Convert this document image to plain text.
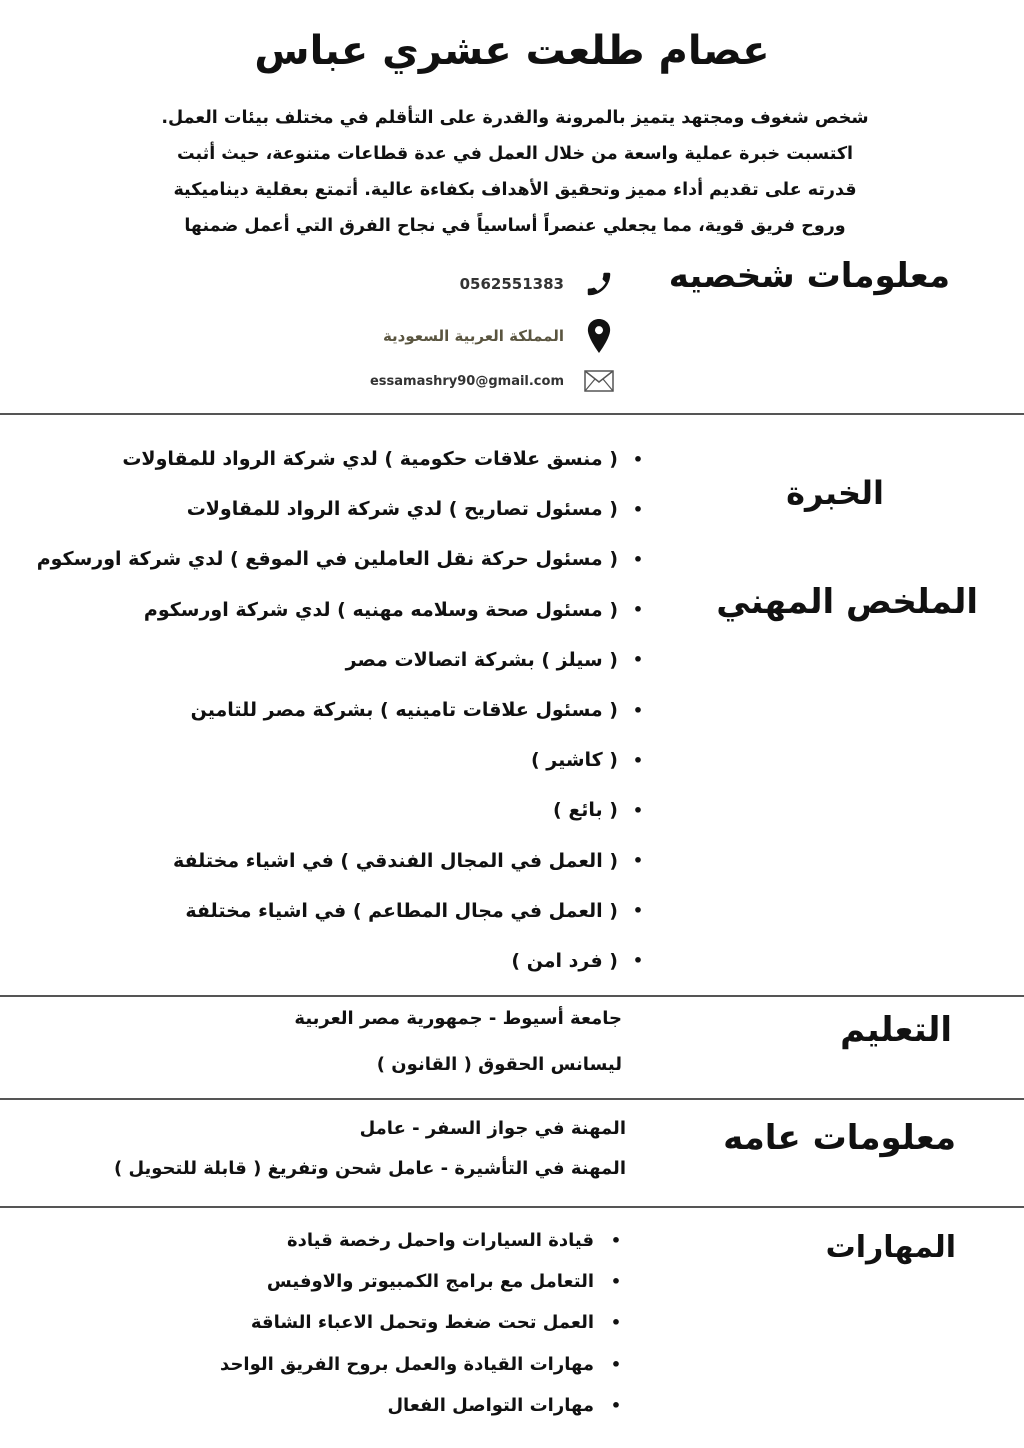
عصام طلعت عشري عباس
شخص شغوف ومجتهد يتميز بالمرونة والقدرة على التأقلم في مختلف بيئات العمل.
اكتسبت خبرة عملية واسعة من خلال العمل في عدة قطاعات متنوعة، حيث أثبت
قدرته على تقديم أداء مميز وتحقيق الأهداف بكفاءة عالية. أتمتع بعقلية ديناميكية
وروح فريق قوية، مما يجعلي عنصراً أساسياً في نجاح الفرق التي أعمل ضمنها
معلومات شخصيه
0562551383
المملكة العربية السعودية
essamashry90@gmail.com
الخبرة
الملخص المهني
•
( منسق علاقات حكومية ) لدي شركة الرواد للمقاولات
•
( مسئول تصاريح ) لدي شركة الرواد للمقاولات
•
( مسئول حركة نقل العاملين في الموقع ) لدي شركة اورسكوم
•
( مسئول صحة وسلامه مهنيه ) لدي شركة اورسكوم
•
( سيلز ) بشركة اتصالات مصر
•
( مسئول علاقات تامينيه ) بشركة مصر للتامين
•
( كاشير )
•
( بائع )
•
( العمل في المجال الفندقي ) في اشياء مختلفة
•
( العمل في مجال المطاعم ) في اشياء مختلفة
•
( فرد امن )
التعليم
جامعة أسيوط - جمهورية مصر العربية
ليسانس الحقوق ( القانون )
معلومات عامه
المهنة في جواز السفر - عامل
المهنة في التأشيرة - عامل شحن وتفريغ ( قابلة للتحويل )
المهارات
•
قيادة السيارات واحمل رخصة قيادة
•
التعامل مع برامج الكمبيوتر والاوفيس
•
العمل تحت ضغط وتحمل الاعباء الشاقة
•
مهارات القيادة والعمل بروح الفريق الواحد
•
مهارات التواصل الفعال
